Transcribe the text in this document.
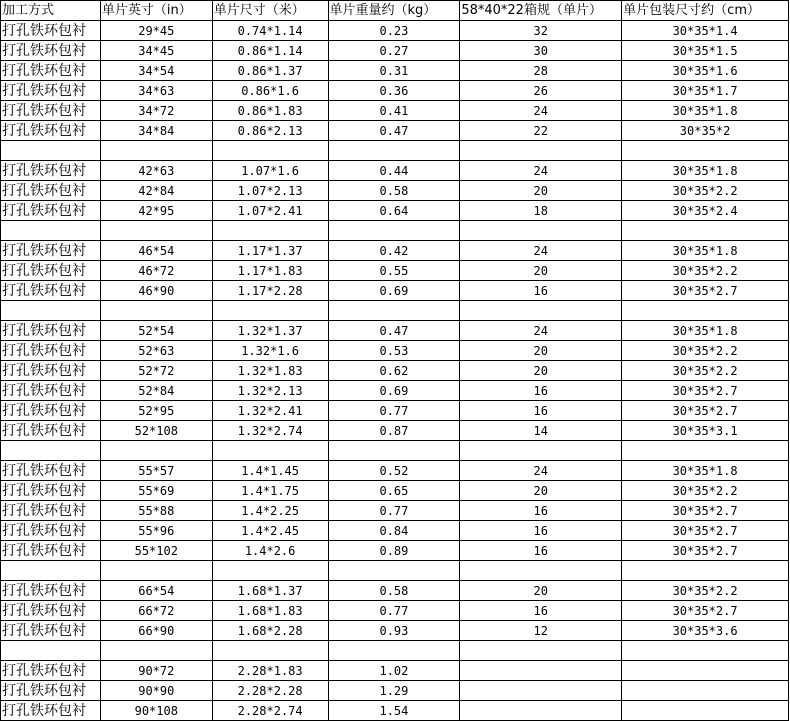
加工方式	单片英寸（in）	单片尺寸（米）	单片重量约（kg）	58*40*22箱规（单片）	单片包装尺寸约（cm）
打孔铁环包衬	29*45	0.74*1.14	0.23	32	30*35*1.4
打孔铁环包衬	34*45	0.86*1.14	0.27	30	30*35*1.5
打孔铁环包衬	34*54	0.86*1.37	0.31	28	30*35*1.6
打孔铁环包衬	34*63	0.86*1.6	0.36	26	30*35*1.7
打孔铁环包衬	34*72	0.86*1.83	0.41	24	30*35*1.8
打孔铁环包衬	34*84	0.86*2.13	0.47	22	30*35*2

打孔铁环包衬	42*63	1.07*1.6	0.44	24	30*35*1.8
打孔铁环包衬	42*84	1.07*2.13	0.58	20	30*35*2.2
打孔铁环包衬	42*95	1.07*2.41	0.64	18	30*35*2.4

打孔铁环包衬	46*54	1.17*1.37	0.42	24	30*35*1.8
打孔铁环包衬	46*72	1.17*1.83	0.55	20	30*35*2.2
打孔铁环包衬	46*90	1.17*2.28	0.69	16	30*35*2.7

打孔铁环包衬	52*54	1.32*1.37	0.47	24	30*35*1.8
打孔铁环包衬	52*63	1.32*1.6	0.53	20	30*35*2.2
打孔铁环包衬	52*72	1.32*1.83	0.62	20	30*35*2.2
打孔铁环包衬	52*84	1.32*2.13	0.69	16	30*35*2.7
打孔铁环包衬	52*95	1.32*2.41	0.77	16	30*35*2.7
打孔铁环包衬	52*108	1.32*2.74	0.87	14	30*35*3.1

打孔铁环包衬	55*57	1.4*1.45	0.52	24	30*35*1.8
打孔铁环包衬	55*69	1.4*1.75	0.65	20	30*35*2.2
打孔铁环包衬	55*88	1.4*2.25	0.77	16	30*35*2.7
打孔铁环包衬	55*96	1.4*2.45	0.84	16	30*35*2.7
打孔铁环包衬	55*102	1.4*2.6	0.89	16	30*35*2.7

打孔铁环包衬	66*54	1.68*1.37	0.58	20	30*35*2.2
打孔铁环包衬	66*72	1.68*1.83	0.77	16	30*35*2.7
打孔铁环包衬	66*90	1.68*2.28	0.93	12	30*35*3.6

打孔铁环包衬	90*72	2.28*1.83	1.02		
打孔铁环包衬	90*90	2.28*2.28	1.29		
打孔铁环包衬	90*108	2.28*2.74	1.54		
